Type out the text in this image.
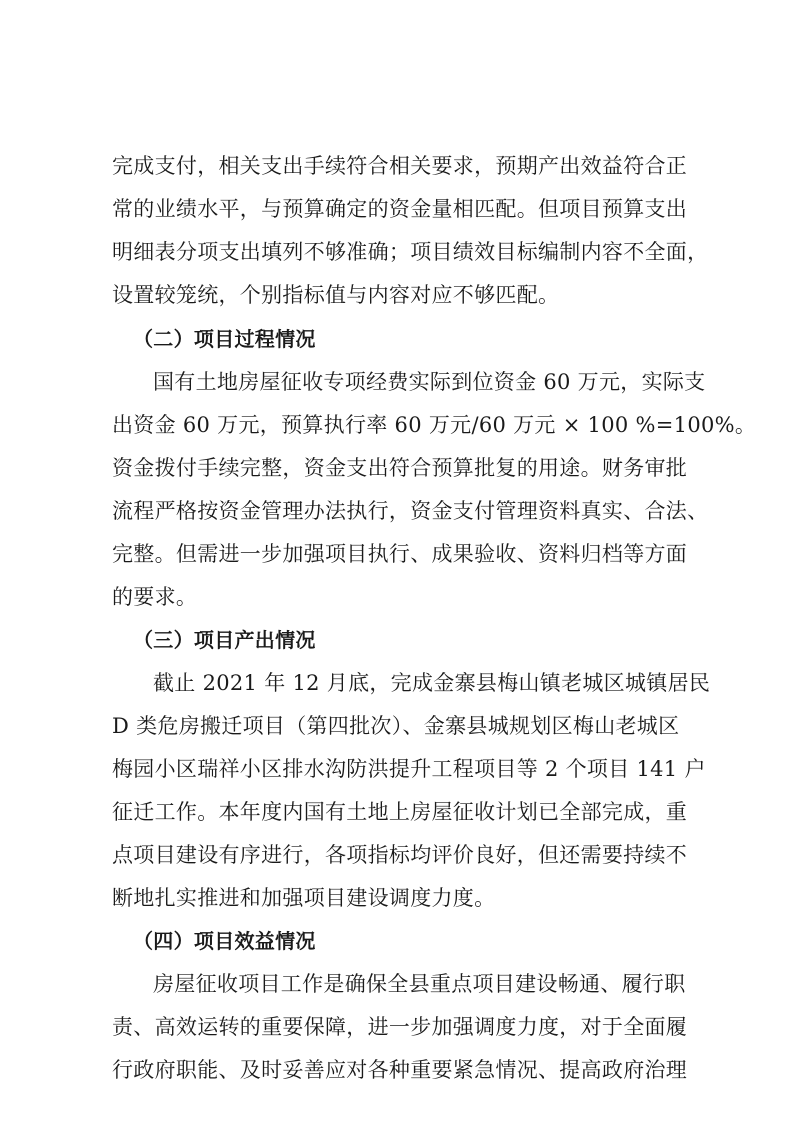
完成支付，相关支出手续符合相关要求，预期产出效益符合正
常的业绩水平，与预算确定的资金量相匹配。但项目预算支出
明细表分项支出填列不够准确；项目绩效目标编制内容不全面，
设置较笼统，个别指标值与内容对应不够匹配。
（二）项目过程情况
国有土地房屋征收专项经费实际到位资金 60 万元，实际支
出资金 60 万元，预算执行率 60 万元/60 万元 × 100 %=100%。
资金拨付手续完整，资金支出符合预算批复的用途。财务审批
流程严格按资金管理办法执行，资金支付管理资料真实、合法、
完整。但需进一步加强项目执行、成果验收、资料归档等方面
的要求。
（三）项目产出情况
截止 2021 年 12 月底，完成金寨县梅山镇老城区城镇居民
D 类危房搬迁项目（第四批次）、金寨县城规划区梅山老城区
梅园小区瑞祥小区排水沟防洪提升工程项目等 2 个项目 141 户
征迁工作。本年度内国有土地上房屋征收计划已全部完成，重
点项目建设有序进行，各项指标均评价良好，但还需要持续不
断地扎实推进和加强项目建设调度力度。
（四）项目效益情况
房屋征收项目工作是确保全县重点项目建设畅通、履行职
责、高效运转的重要保障，进一步加强调度力度，对于全面履
行政府职能、及时妥善应对各种重要紧急情况、提高政府治理
